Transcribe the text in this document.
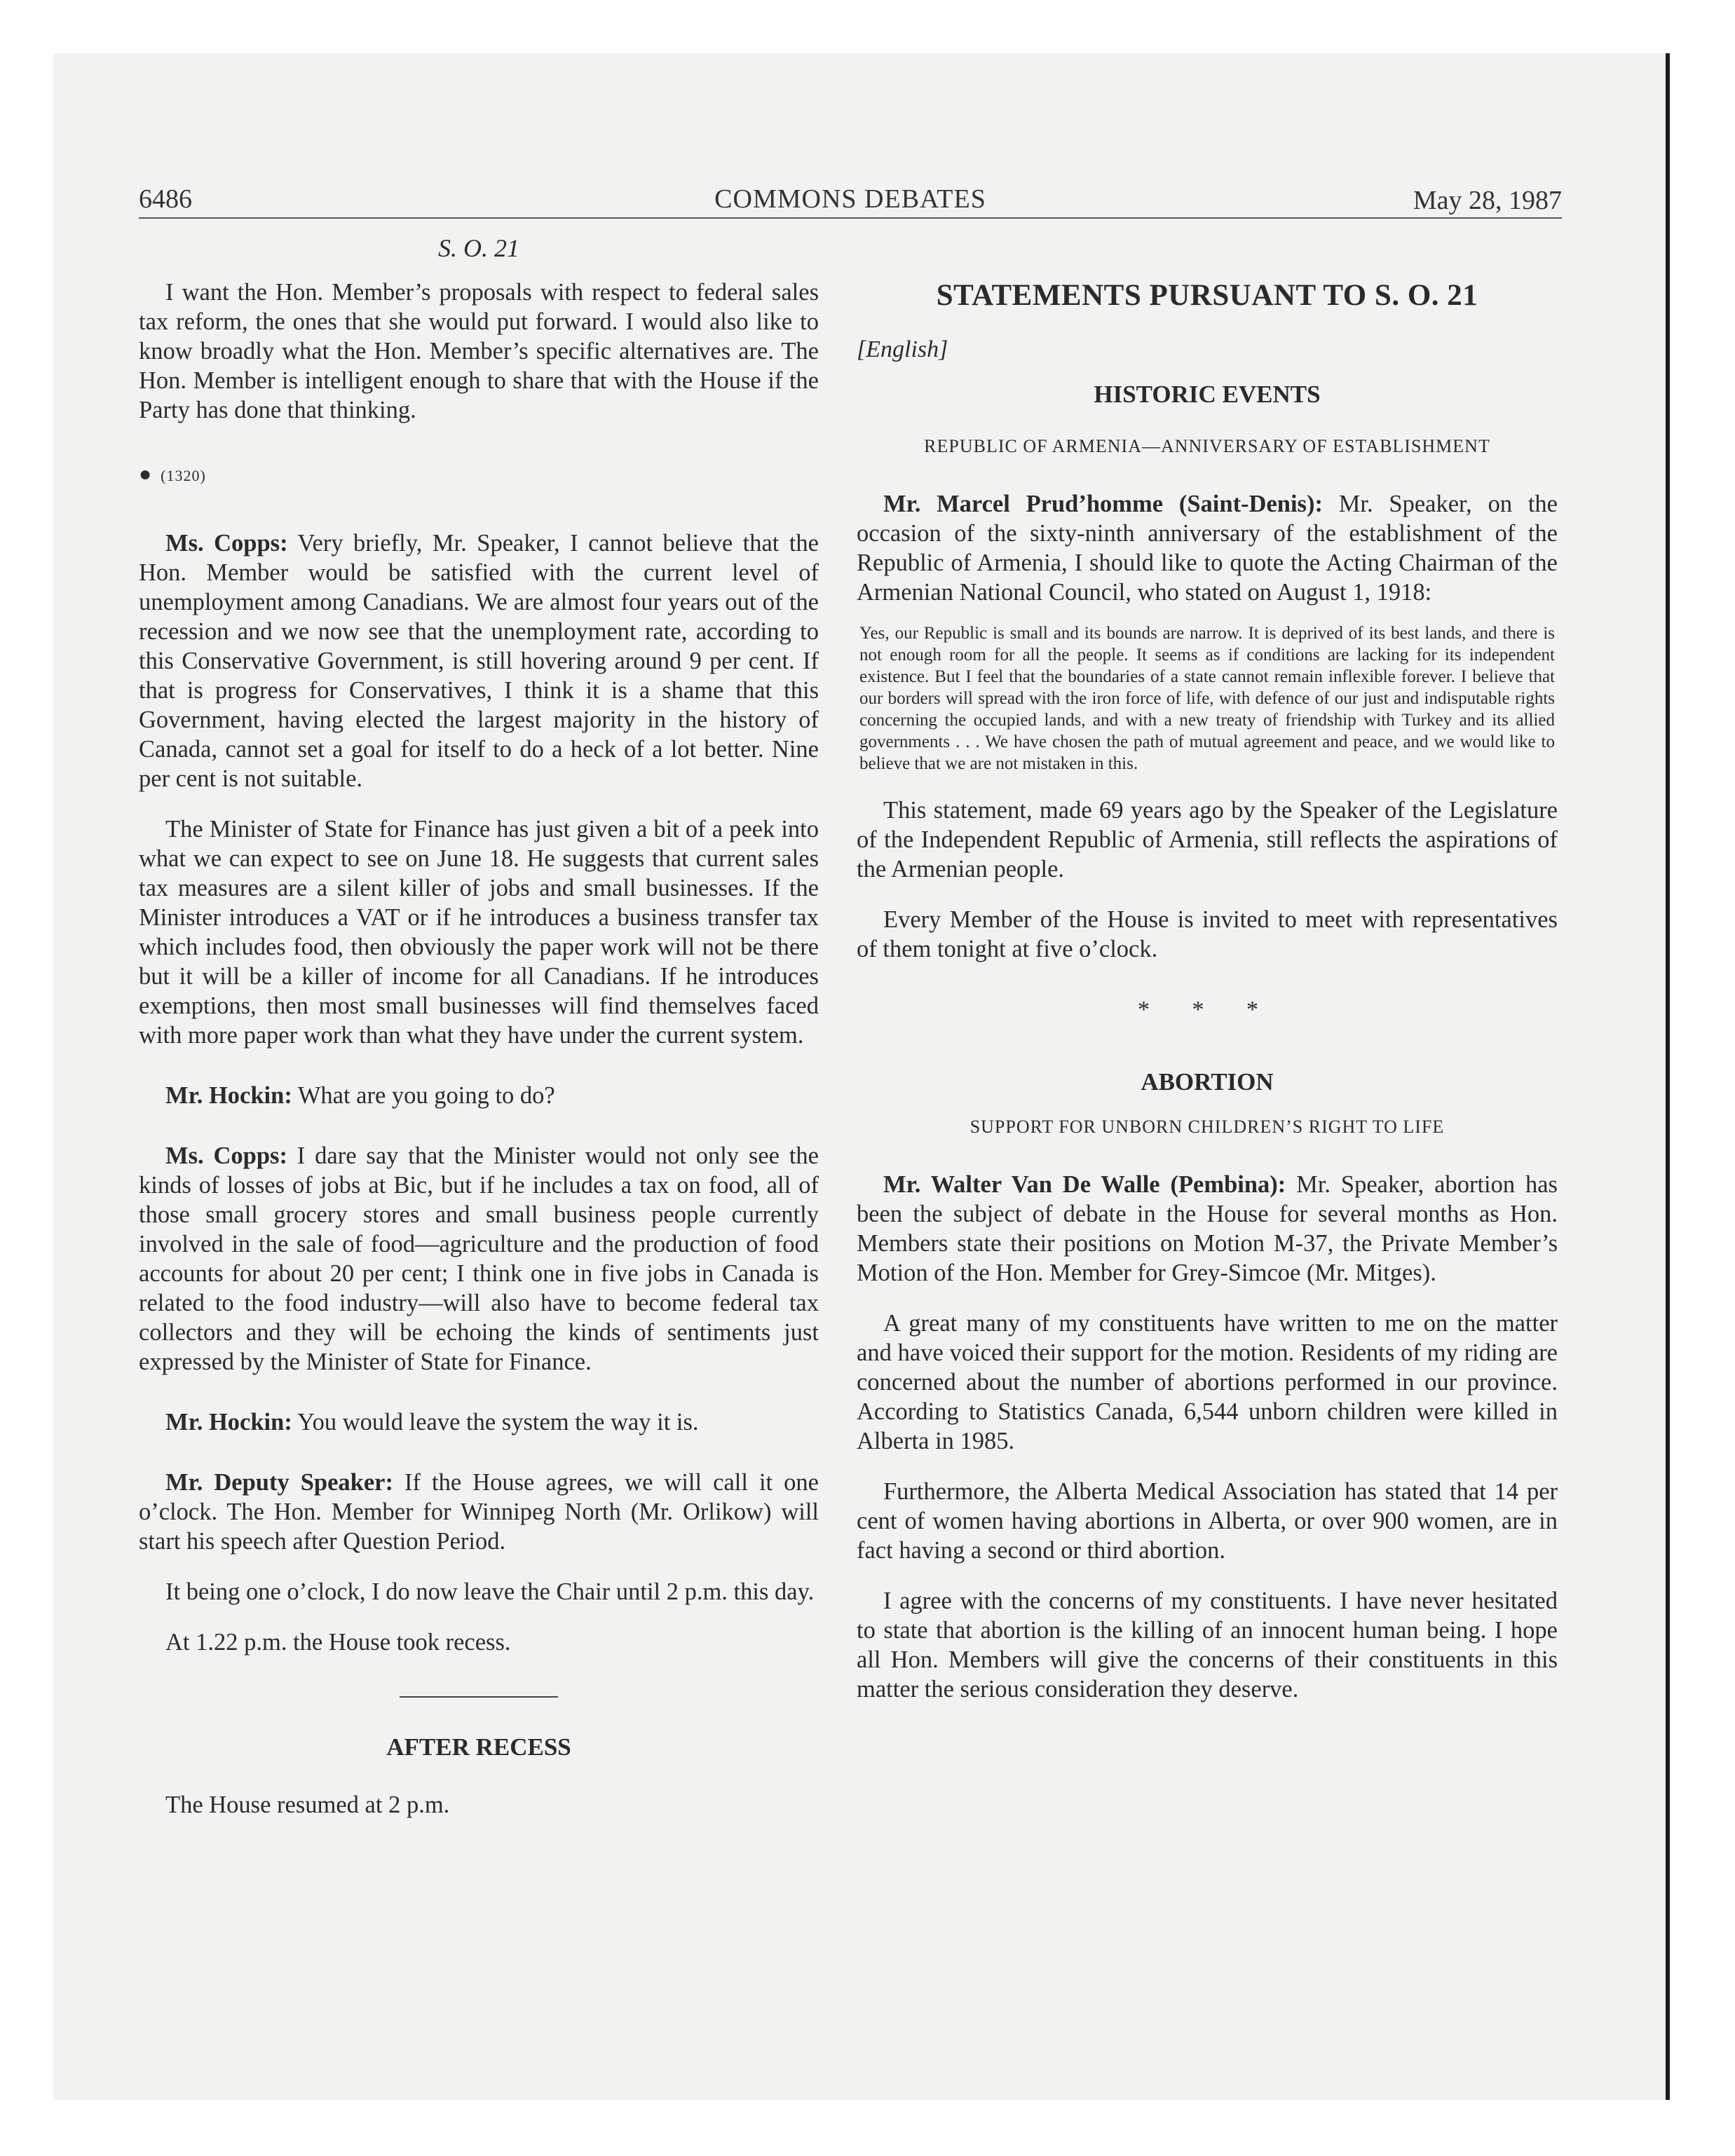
6486	COMMONS DEBATES	May 28, 1987
S. O. 21

I want the Hon. Member’s proposals with respect to federal sales tax reform, the ones that she would put forward. I would also like to know broadly what the Hon. Member’s specific alternatives are. The Hon. Member is intelligent enough to share that with the House if the Party has done that thinking.

● (1320)

Ms. Copps: Very briefly, Mr. Speaker, I cannot believe that the Hon. Member would be satisfied with the current level of unemployment among Canadians. We are almost four years out of the recession and we now see that the unemployment rate, according to this Conservative Government, is still hovering around 9 per cent. If that is progress for Conservatives, I think it is a shame that this Government, having elected the largest majority in the history of Canada, cannot set a goal for itself to do a heck of a lot better. Nine per cent is not suitable.

The Minister of State for Finance has just given a bit of a peek into what we can expect to see on June 18. He suggests that current sales tax measures are a silent killer of jobs and small businesses. If the Minister introduces a VAT or if he introduces a business transfer tax which includes food, then obviously the paper work will not be there but it will be a killer of income for all Canadians. If he introduces exemptions, then most small businesses will find themselves faced with more paper work than what they have under the current system.

Mr. Hockin: What are you going to do?

Ms. Copps: I dare say that the Minister would not only see the kinds of losses of jobs at Bic, but if he includes a tax on food, all of those small grocery stores and small business people currently involved in the sale of food—agriculture and the production of food accounts for about 20 per cent; I think one in five jobs in Canada is related to the food industry—will also have to become federal tax collectors and they will be echoing the kinds of sentiments just expressed by the Minister of State for Finance.

Mr. Hockin: You would leave the system the way it is.

Mr. Deputy Speaker: If the House agrees, we will call it one o’clock. The Hon. Member for Winnipeg North (Mr. Orlikow) will start his speech after Question Period.

It being one o’clock, I do now leave the Chair until 2 p.m. this day.

At 1.22 p.m. the House took recess.

AFTER RECESS

The House resumed at 2 p.m.

STATEMENTS PURSUANT TO S. O. 21
[English]
HISTORIC EVENTS
REPUBLIC OF ARMENIA—ANNIVERSARY OF ESTABLISHMENT

Mr. Marcel Prud’homme (Saint-Denis): Mr. Speaker, on the occasion of the sixty-ninth anniversary of the establishment of the Republic of Armenia, I should like to quote the Acting Chairman of the Armenian National Council, who stated on August 1, 1918:

Yes, our Republic is small and its bounds are narrow. It is deprived of its best lands, and there is not enough room for all the people. It seems as if conditions are lacking for its independent existence. But I feel that the boundaries of a state cannot remain inflexible forever. I believe that our borders will spread with the iron force of life, with defence of our just and indisputable rights concerning the occupied lands, and with a new treaty of friendship with Turkey and its allied governments . . . We have chosen the path of mutual agreement and peace, and we would like to believe that we are not mistaken in this.

This statement, made 69 years ago by the Speaker of the Legislature of the Independent Republic of Armenia, still reflects the aspirations of the Armenian people.

Every Member of the House is invited to meet with representatives of them tonight at five o’clock.

* * *
ABORTION
SUPPORT FOR UNBORN CHILDREN’S RIGHT TO LIFE

Mr. Walter Van De Walle (Pembina): Mr. Speaker, abortion has been the subject of debate in the House for several months as Hon. Members state their positions on Motion M-37, the Private Member’s Motion of the Hon. Member for Grey-Simcoe (Mr. Mitges).

A great many of my constituents have written to me on the matter and have voiced their support for the motion. Residents of my riding are concerned about the number of abortions performed in our province. According to Statistics Canada, 6,544 unborn children were killed in Alberta in 1985.

Furthermore, the Alberta Medical Association has stated that 14 per cent of women having abortions in Alberta, or over 900 women, are in fact having a second or third abortion.

I agree with the concerns of my constituents. I have never hesitated to state that abortion is the killing of an innocent human being. I hope all Hon. Members will give the concerns of their constituents in this matter the serious consideration they deserve.
